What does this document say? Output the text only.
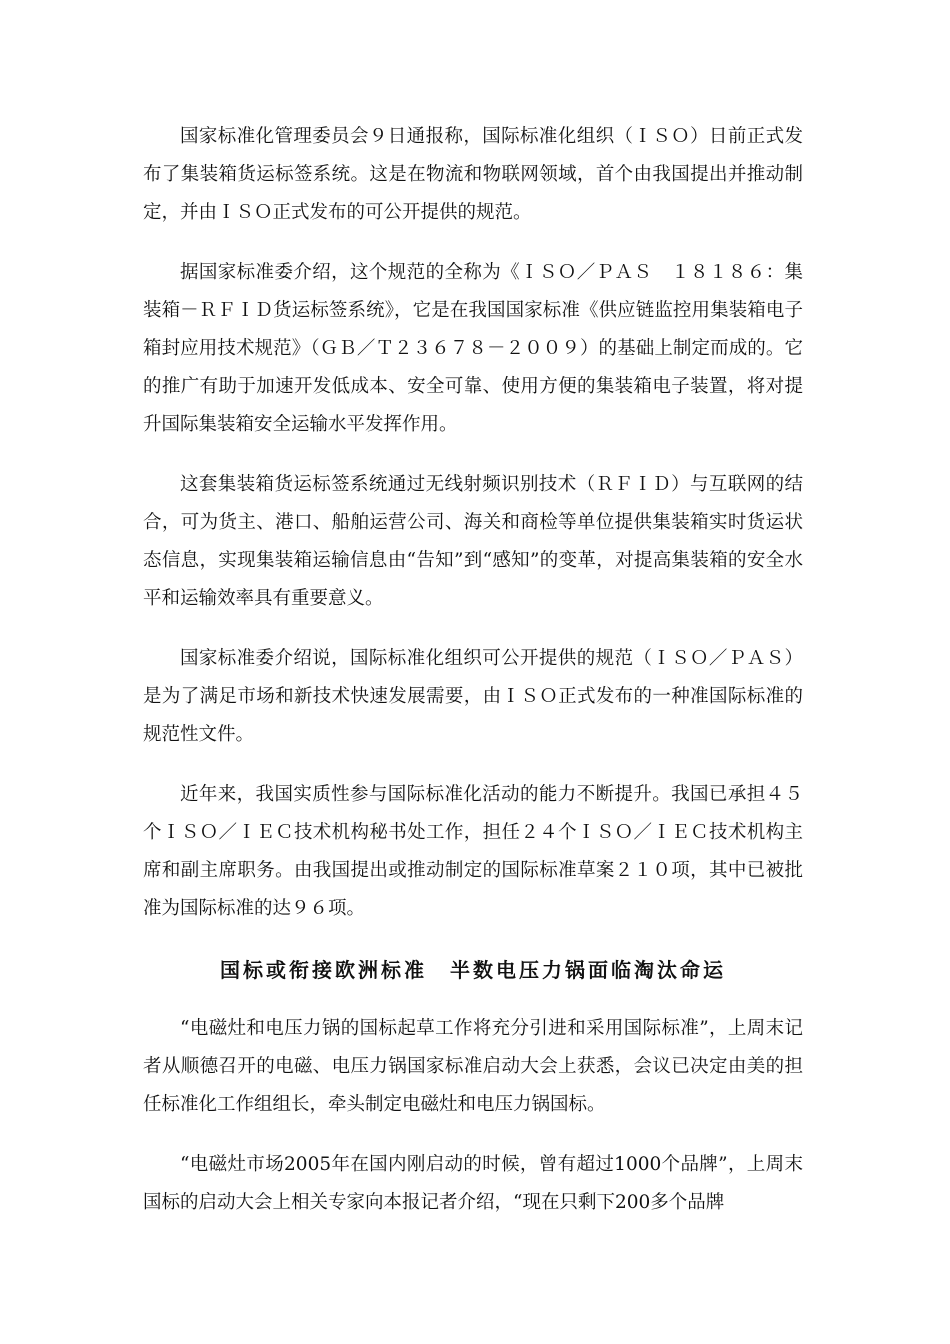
国家标准化管理委员会９日通报称，国际标准化组织（ＩＳＯ）日前正式发布了集装箱货运标签系统。这是在物流和物联网领域，首个由我国提出并推动制定，并由ＩＳＯ正式发布的可公开提供的规范。

据国家标准委介绍，这个规范的全称为《ＩＳＯ／ＰＡＳ　１８１８６：集装箱－ＲＦＩＤ货运标签系统》，它是在我国国家标准《供应链监控用集装箱电子箱封应用技术规范》（ＧＢ／Ｔ２３６７８－２００９）的基础上制定而成的。它的推广有助于加速开发低成本、安全可靠、使用方便的集装箱电子装置，将对提升国际集装箱安全运输水平发挥作用。

这套集装箱货运标签系统通过无线射频识别技术（ＲＦＩＤ）与互联网的结合，可为货主、港口、船舶运营公司、海关和商检等单位提供集装箱实时货运状态信息，实现集装箱运输信息由“告知”到“感知”的变革，对提高集装箱的安全水平和运输效率具有重要意义。

国家标准委介绍说，国际标准化组织可公开提供的规范（ＩＳＯ／ＰＡＳ）是为了满足市场和新技术快速发展需要，由ＩＳＯ正式发布的一种准国际标准的规范性文件。

近年来，我国实质性参与国际标准化活动的能力不断提升。我国已承担４５个ＩＳＯ／ＩＥＣ技术机构秘书处工作，担任２４个ＩＳＯ／ＩＥＣ技术机构主席和副主席职务。由我国提出或推动制定的国际标准草案２１０项，其中已被批准为国际标准的达９６项。

国标或衔接欧洲标准　半数电压力锅面临淘汰命运

“电磁灶和电压力锅的国标起草工作将充分引进和采用国际标准”，上周末记者从顺德召开的电磁、电压力锅国家标准启动大会上获悉，会议已决定由美的担任标准化工作组组长，牵头制定电磁灶和电压力锅国标。

“电磁灶市场2005年在国内刚启动的时候，曾有超过1000个品牌”，上周末国标的启动大会上相关专家向本报记者介绍，“现在只剩下200多个品牌
